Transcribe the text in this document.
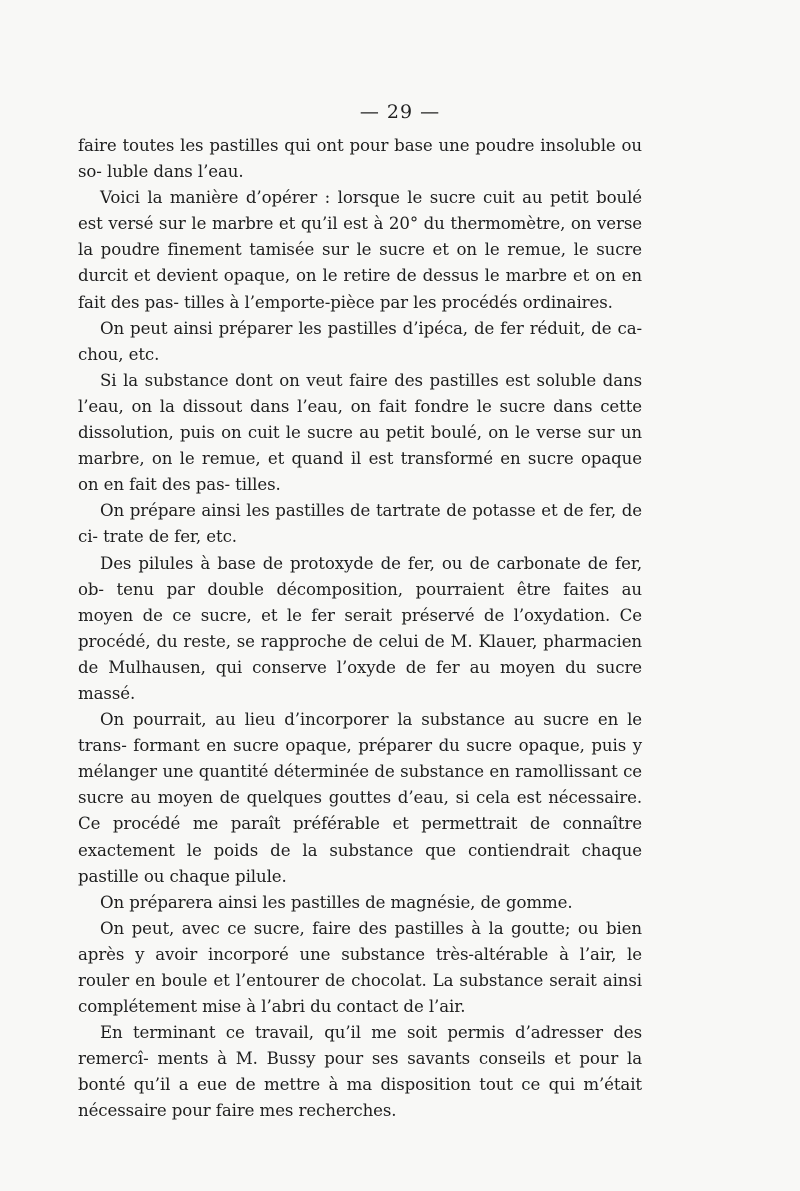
— 29 —

faire toutes les pastilles qui ont pour base une poudre insoluble ou so- luble dans l’eau.

Voici la manière d’opérer : lorsque le sucre cuit au petit boulé est versé sur le marbre et qu’il est à 20° du thermomètre, on verse la poudre finement tamisée sur le sucre et on le remue, le sucre durcit et devient opaque, on le retire de dessus le marbre et on en fait des pas- tilles à l’emporte-pièce par les procédés ordinaires.

On peut ainsi préparer les pastilles d’ipéca, de fer réduit, de ca- chou, etc.

Si la substance dont on veut faire des pastilles est soluble dans l’eau, on la dissout dans l’eau, on fait fondre le sucre dans cette dissolution, puis on cuit le sucre au petit boulé, on le verse sur un marbre, on le remue, et quand il est transformé en sucre opaque on en fait des pas- tilles.

On prépare ainsi les pastilles de tartrate de potasse et de fer, de ci- trate de fer, etc.

Des pilules à base de protoxyde de fer, ou de carbonate de fer, ob- tenu par double décomposition, pourraient être faites au moyen de ce sucre, et le fer serait préservé de l’oxydation. Ce procédé, du reste, se rapproche de celui de M. Klauer, pharmacien de Mulhausen, qui conserve l’oxyde de fer au moyen du sucre massé.

On pourrait, au lieu d’incorporer la substance au sucre en le trans- formant en sucre opaque, préparer du sucre opaque, puis y mélanger une quantité déterminée de substance en ramollissant ce sucre au moyen de quelques gouttes d’eau, si cela est nécessaire. Ce procédé me paraît préférable et permettrait de connaître exactement le poids de la substance que contiendrait chaque pastille ou chaque pilule.

On préparera ainsi les pastilles de magnésie, de gomme.

On peut, avec ce sucre, faire des pastilles à la goutte; ou bien après y avoir incorporé une substance très-altérable à l’air, le rouler en boule et l’entourer de chocolat. La substance serait ainsi complétement mise à l’abri du contact de l’air.

En terminant ce travail, qu’il me soit permis d’adresser des remercî- ments à M. Bussy pour ses savants conseils et pour la bonté qu’il a eue de mettre à ma disposition tout ce qui m’était nécessaire pour faire mes recherches.
